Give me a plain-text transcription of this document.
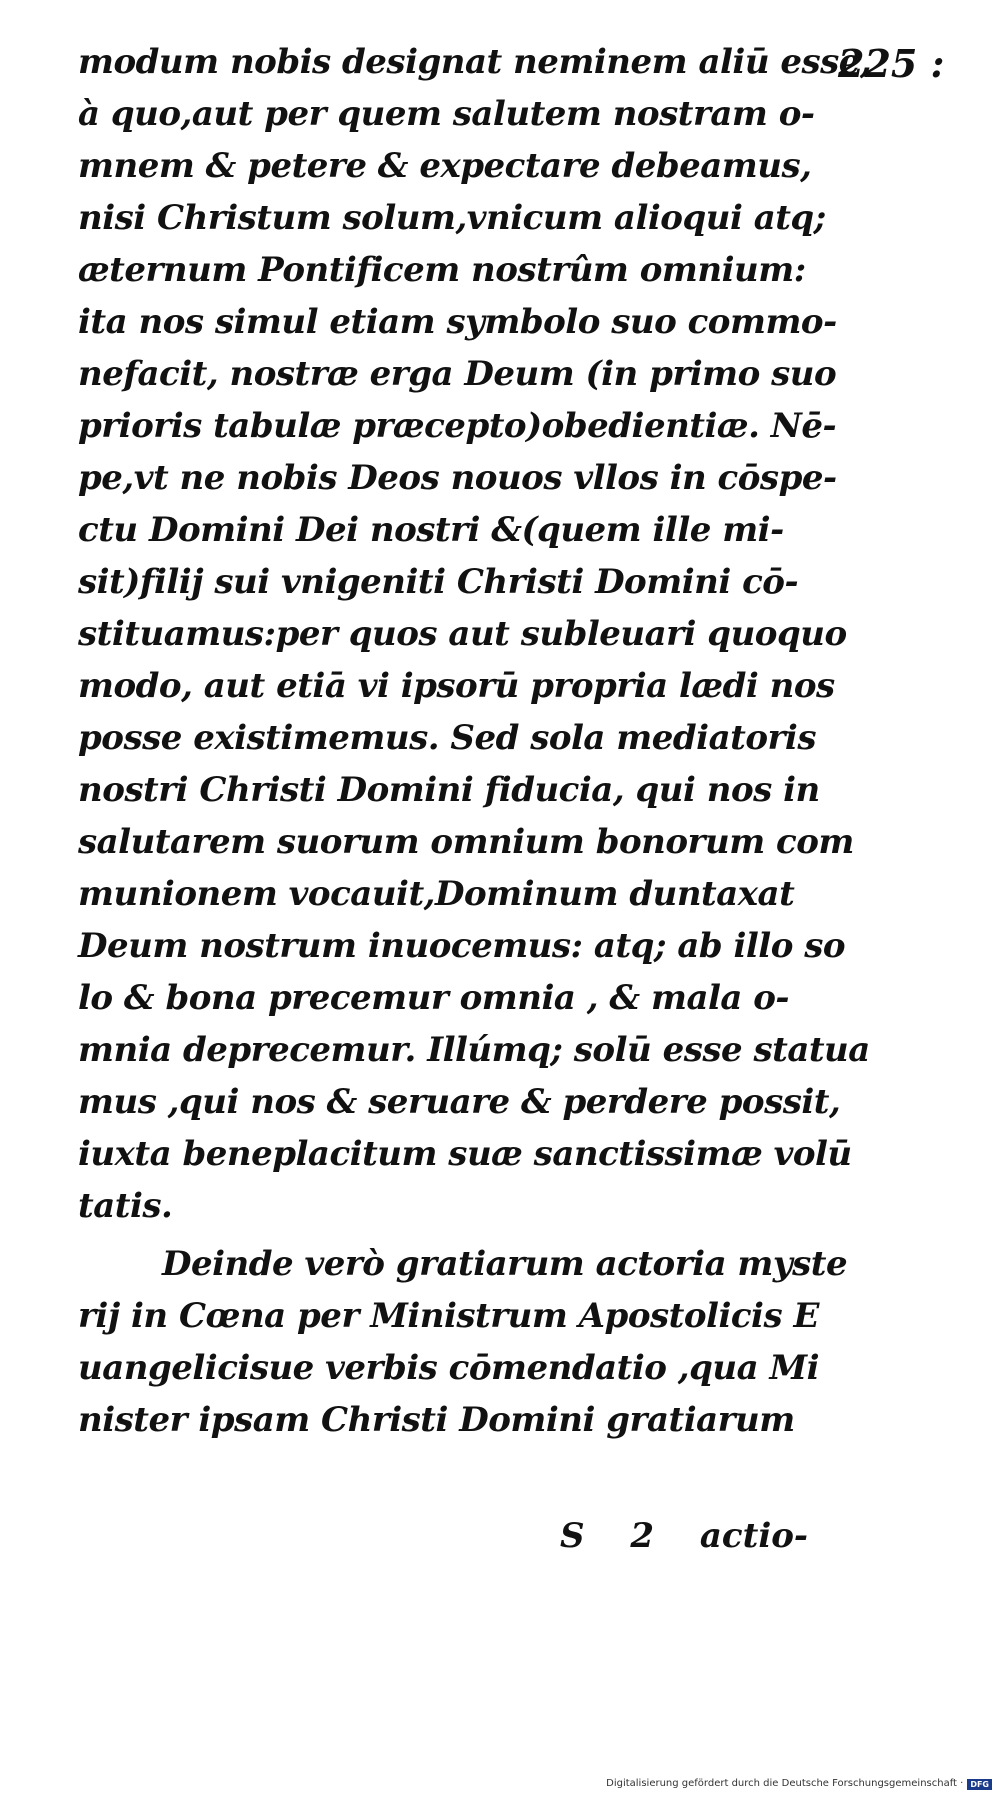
225 :
modum nobis designat neminem aliū esse,
à quo,aut per quem salutem nostram o-
mnem & petere & expectare debeamus,
nisi Christum solum,vnicum alioqui atq;
æternum Pontificem nostrûm omnium:
ita nos simul etiam symbolo suo commo-
nefacit, nostræ erga Deum (in primo suo
prioris tabulæ præcepto)obedientiæ. Nē-
pe,vt ne nobis Deos nouos vllos in cōspe-
ctu Domini Dei nostri &(quem ille mi-
sit)filij sui vnigeniti Christi Domini cō-
stituamus:per quos aut subleuari quoquo
modo, aut etiā vi ipsorū propria lædi nos
posse existimemus. Sed sola mediatoris
nostri Christi Domini fiducia, qui nos in
salutarem suorum omnium bonorum com
munionem vocauit,Dominum duntaxat
Deum nostrum inuocemus: atq; ab illo so
lo & bona precemur omnia , & mala o-
mnia deprecemur. Illúmq; solū esse statua
mus ,qui nos & seruare & perdere possit,
iuxta beneplacitum suæ sanctissimæ volū
tatis.
Deinde verò gratiarum actoria myste
rij in Cœna per Ministrum Apostolicis E
uangelicisue verbis cōmendatio ,qua Mi
nister ipsam Christi Domini gratiarum
S 2 actio-
Digitalisierung gefördert durch die Deutsche Forschungsgemeinschaft · DFG
